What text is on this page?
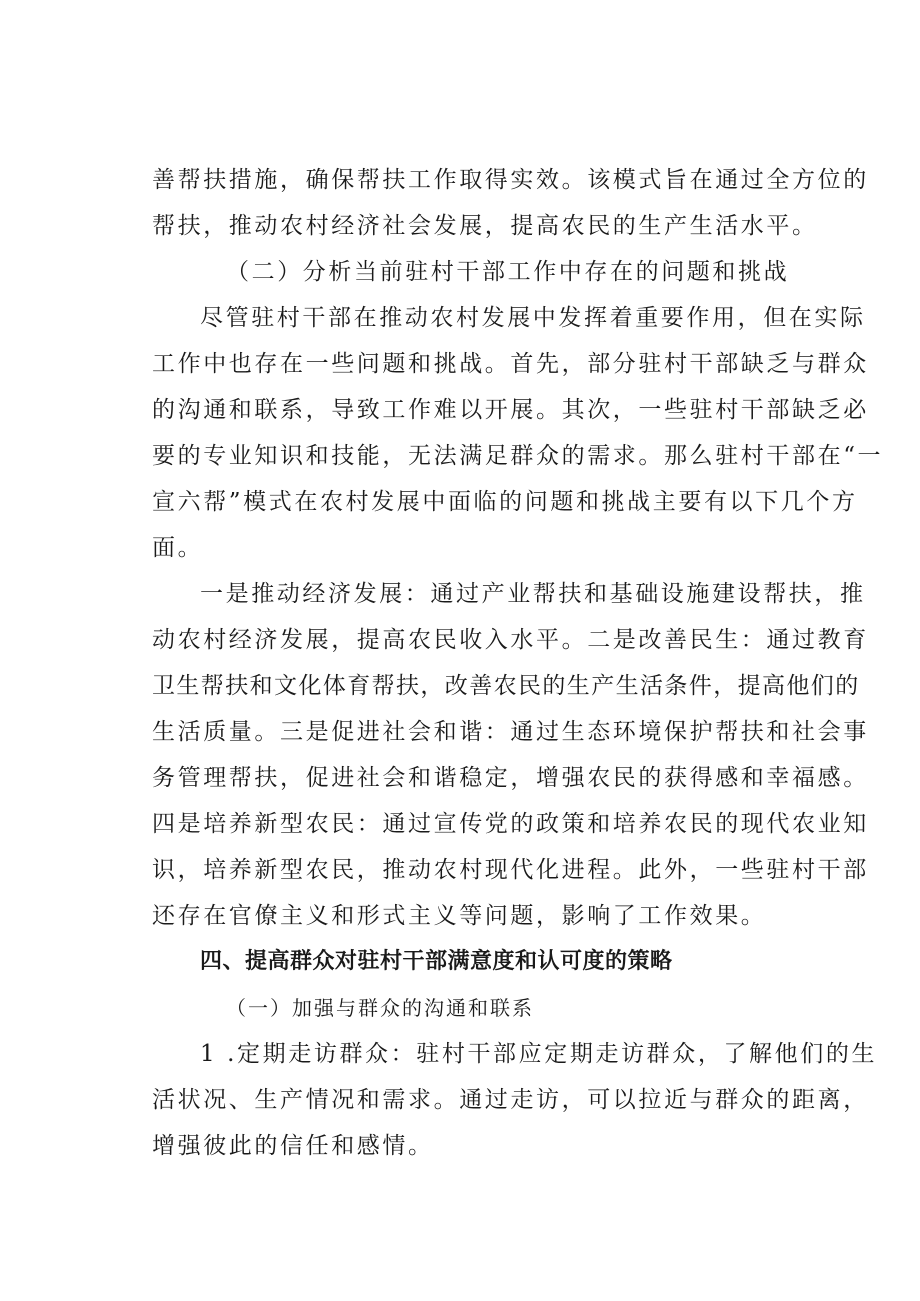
善帮扶措施，确保帮扶工作取得实效。该模式旨在通过全方位的
帮扶，推动农村经济社会发展，提高农民的生产生活水平。
（二）分析当前驻村干部工作中存在的问题和挑战
尽管驻村干部在推动农村发展中发挥着重要作用，但在实际
工作中也存在一些问题和挑战。首先，部分驻村干部缺乏与群众
的沟通和联系，导致工作难以开展。其次，一些驻村干部缺乏必
要的专业知识和技能，无法满足群众的需求。那么驻村干部在“一
宣六帮”模式在农村发展中面临的问题和挑战主要有以下几个方
面。
一是推动经济发展：通过产业帮扶和基础设施建设帮扶，推
动农村经济发展，提高农民收入水平。二是改善民生：通过教育
卫生帮扶和文化体育帮扶，改善农民的生产生活条件，提高他们的
生活质量。三是促进社会和谐：通过生态环境保护帮扶和社会事
务管理帮扶，促进社会和谐稳定，增强农民的获得感和幸福感。
四是培养新型农民：通过宣传党的政策和培养农民的现代农业知
识，培养新型农民，推动农村现代化进程。此外，一些驻村干部
还存在官僚主义和形式主义等问题，影响了工作效果。
四、提高群众对驻村干部满意度和认可度的策略
（一）加强与群众的沟通和联系
1 .定期走访群众：驻村干部应定期走访群众，了解他们的生
活状况、生产情况和需求。通过走访，可以拉近与群众的距离，
增强彼此的信任和感情。
